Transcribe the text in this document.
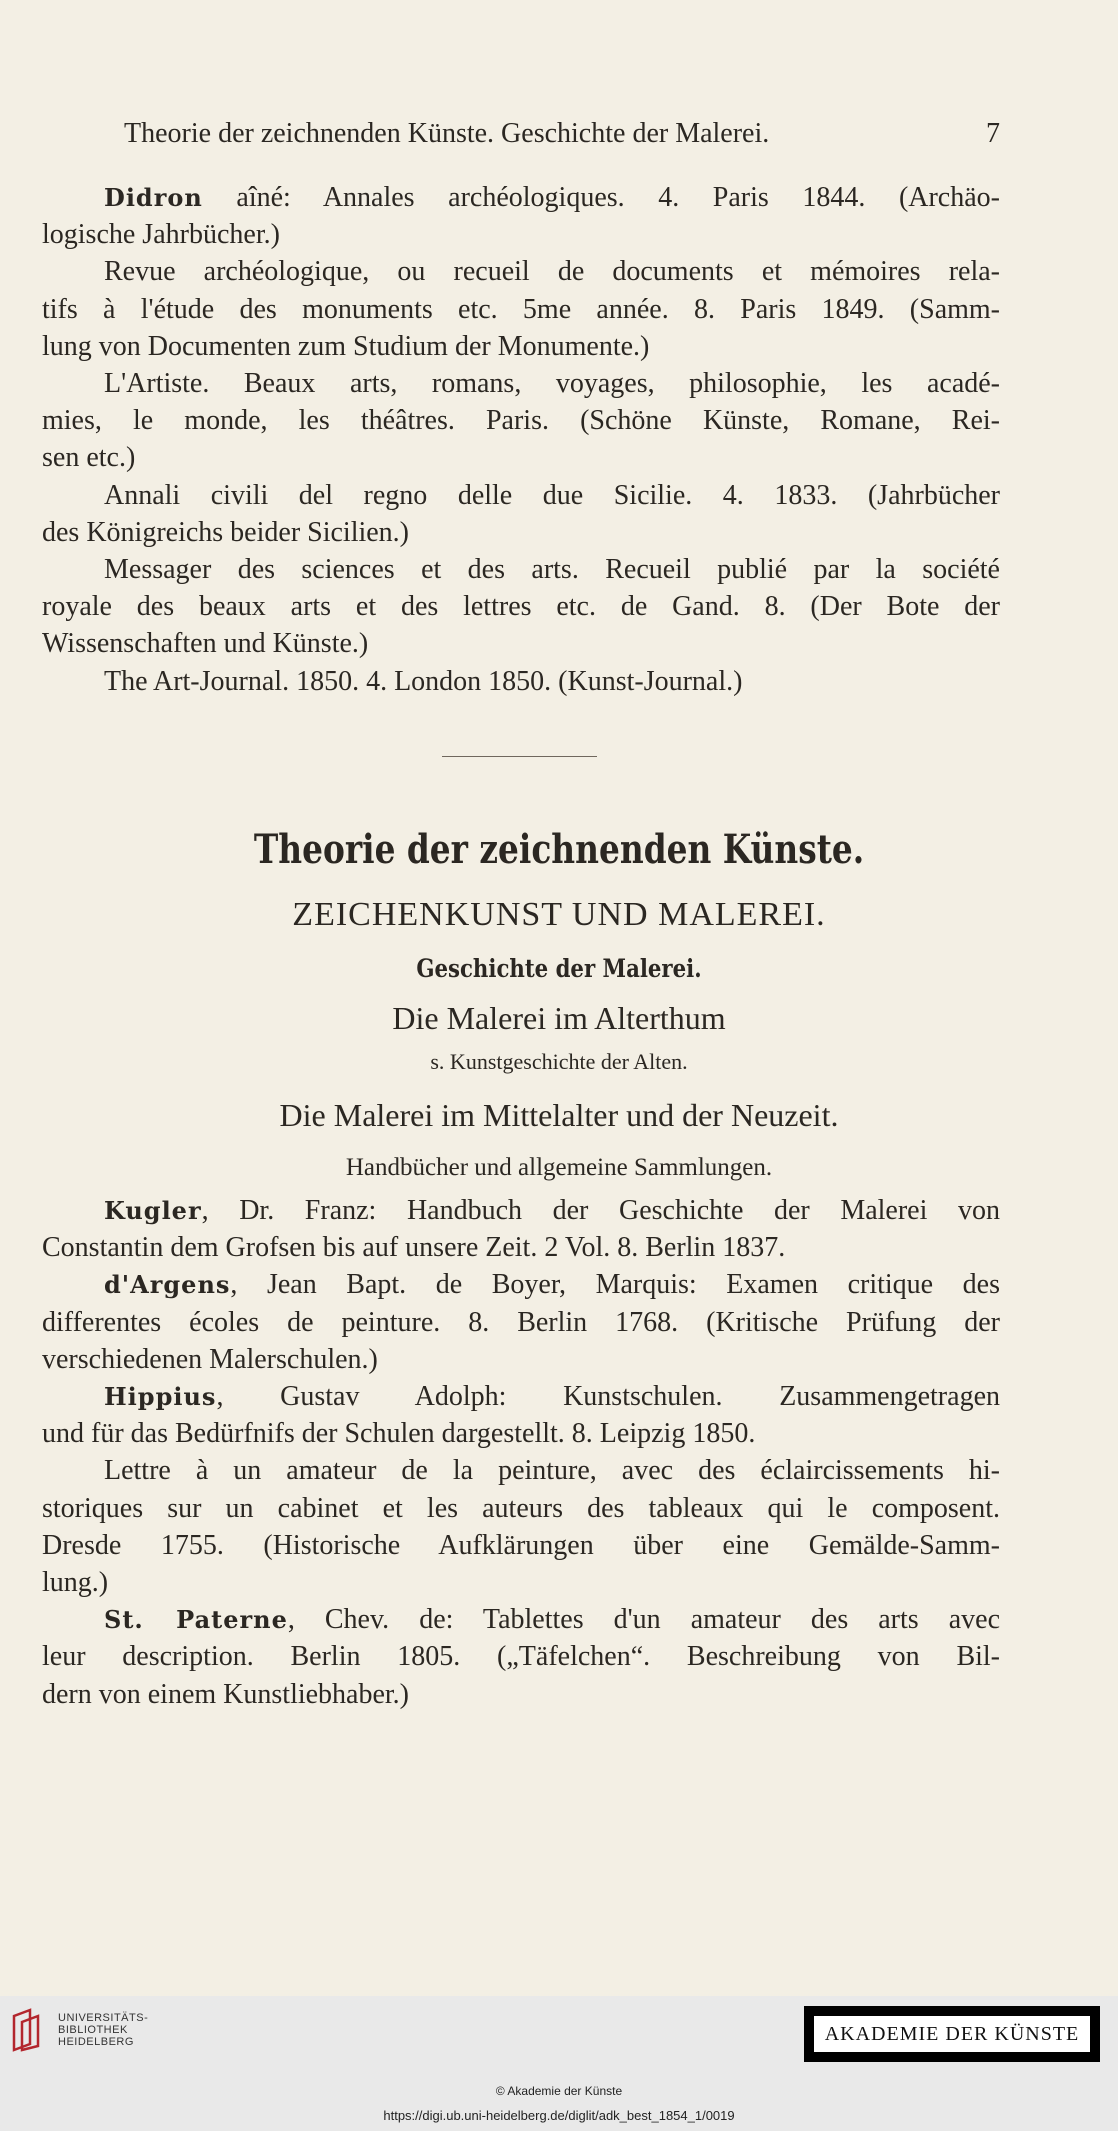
Theorie der zeichnenden Künste. Geschichte der Malerei.	7
Didron aîné: Annales archéologiques. 4. Paris 1844. (Archäo-
logische Jahrbücher.)
Revue archéologique, ou recueil de documents et mémoires rela-
tifs à l'étude des monuments etc. 5me année. 8. Paris 1849. (Samm-
lung von Documenten zum Studium der Monumente.)
L'Artiste. Beaux arts, romans, voyages, philosophie, les acadé-
mies, le monde, les théâtres. Paris. (Schöne Künste, Romane, Rei-
sen etc.)
Annali civili del regno delle due Sicilie. 4. 1833. (Jahrbücher
des Königreichs beider Sicilien.)
Messager des sciences et des arts. Recueil publié par la société
royale des beaux arts et des lettres etc. de Gand. 8. (Der Bote der
Wissenschaften und Künste.)
The Art-Journal. 1850. 4. London 1850. (Kunst-Journal.)
Theorie der zeichnenden Künste.
ZEICHENKUNST UND MALEREI.
Geschichte der Malerei.
Die Malerei im Alterthum
s. Kunstgeschichte der Alten.
Die Malerei im Mittelalter und der Neuzeit.
Handbücher und allgemeine Sammlungen.
Kugler, Dr. Franz: Handbuch der Geschichte der Malerei von
Constantin dem Grofsen bis auf unsere Zeit. 2 Vol. 8. Berlin 1837.
d'Argens, Jean Bapt. de Boyer, Marquis: Examen critique des
differentes écoles de peinture. 8. Berlin 1768. (Kritische Prüfung der
verschiedenen Malerschulen.)
Hippius, Gustav Adolph: Kunstschulen. Zusammengetragen
und für das Bedürfnifs der Schulen dargestellt. 8. Leipzig 1850.
Lettre à un amateur de la peinture, avec des éclaircissements hi-
storiques sur un cabinet et les auteurs des tableaux qui le composent.
Dresde 1755. (Historische Aufklärungen über eine Gemälde-Samm-
lung.)
St. Paterne, Chev. de: Tablettes d'un amateur des arts avec
leur description. Berlin 1805. („Täfelchen“. Beschreibung von Bil-
dern von einem Kunstliebhaber.)
UNIVERSITÄTS-
BIBLIOTHEK
HEIDELBERG	AKADEMIE DER KÜNSTE
© Akademie der Künste
https://digi.ub.uni-heidelberg.de/diglit/adk_best_1854_1/0019
